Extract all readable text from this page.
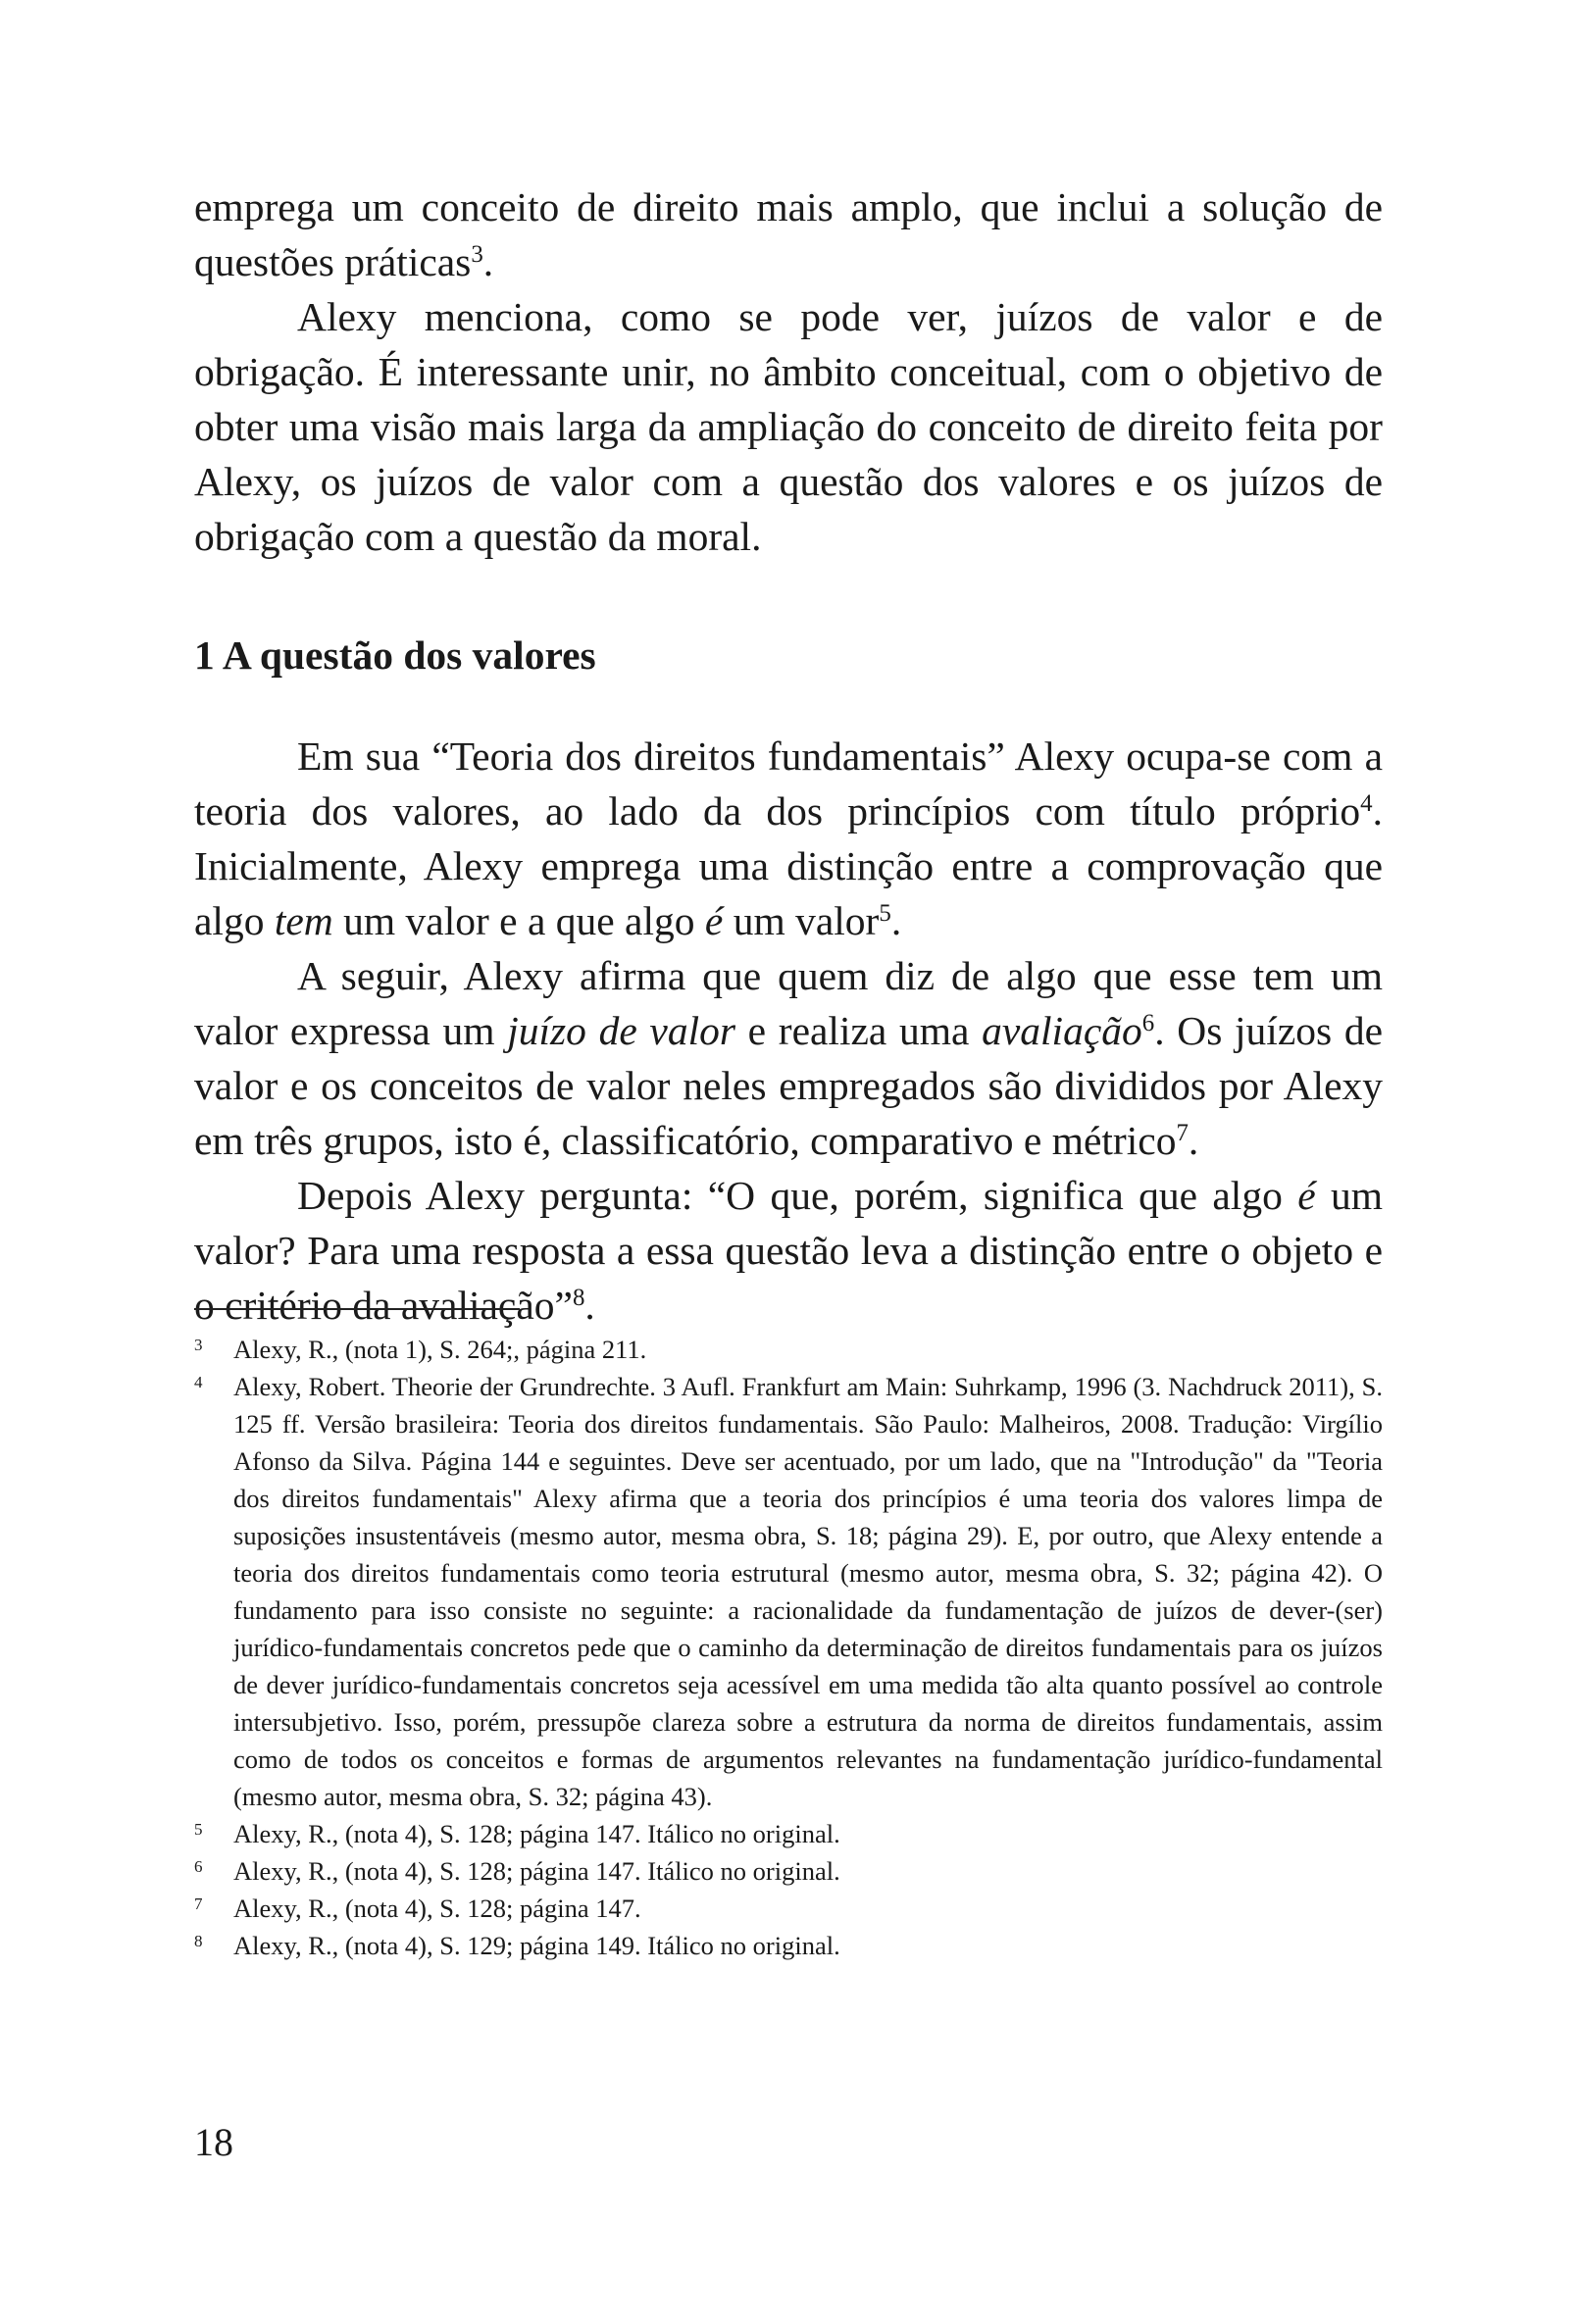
emprega um conceito de direito mais amplo, que inclui a solução de questões práticas$^3$.

Alexy menciona, como se pode ver, juízos de valor e de obrigação. É interessante unir, no âmbito conceitual, com o objetivo de obter uma visão mais larga da ampliação do conceito de direito feita por Alexy, os juízos de valor com a questão dos valores e os juízos de obrigação com a questão da moral.

1 A questão dos valores

Em sua “Teoria dos direitos fundamentais” Alexy ocupa-se com a teoria dos valores, ao lado da dos princípios com título próprio$^4$. Inicialmente, Alexy emprega uma distinção entre a comprovação que algo tem um valor e a que algo é um valor$^5$.

A seguir, Alexy afirma que quem diz de algo que esse tem um valor expressa um juízo de valor e realiza uma avaliação$^6$. Os juízos de valor e os conceitos de valor neles empregados são divididos por Alexy em três grupos, isto é, classificatório, comparativo e métrico$^7$.

Depois Alexy pergunta: “O que, porém, significa que algo é um valor? Para uma resposta a essa questão leva a distinção entre o objeto e o critério da avaliação”$^8$.

3 Alexy, R., (nota 1), S. 264;, página 211.

4 Alexy, Robert. Theorie der Grundrechte. 3 Aufl. Frankfurt am Main: Suhrkamp, 1996 (3. Nachdruck 2011), S. 125 ff. Versão brasileira: Teoria dos direitos fundamentais. São Paulo: Malheiros, 2008. Tradução: Virgílio Afonso da Silva. Página 144 e seguintes. Deve ser acentuado, por um lado, que na "Introdução" da "Teoria dos direitos fundamentais" Alexy afirma que a teoria dos princípios é uma teoria dos valores limpa de suposições insustentáveis (mesmo autor, mesma obra, S. 18; página 29). E, por outro, que Alexy entende a teoria dos direitos fundamentais como teoria estrutural (mesmo autor, mesma obra, S. 32; página 42). O fundamento para isso consiste no seguinte: a racionalidade da fundamentação de juízos de dever-(ser) jurídico-fundamentais concretos pede que o caminho da determinação de direitos fundamentais para os juízos de dever jurídico-fundamentais concretos seja acessível em uma medida tão alta quanto possível ao controle intersubjetivo. Isso, porém, pressupõe clareza sobre a estrutura da norma de direitos fundamentais, assim como de todos os conceitos e formas de argumentos relevantes na fundamentação jurídico-fundamental (mesmo autor, mesma obra, S. 32; página 43).

5 Alexy, R., (nota 4), S. 128; página 147. Itálico no original.

6 Alexy, R., (nota 4), S. 128; página 147. Itálico no original.

7 Alexy, R., (nota 4), S. 128; página 147.

8 Alexy, R., (nota 4), S. 129; página 149. Itálico no original.

18
